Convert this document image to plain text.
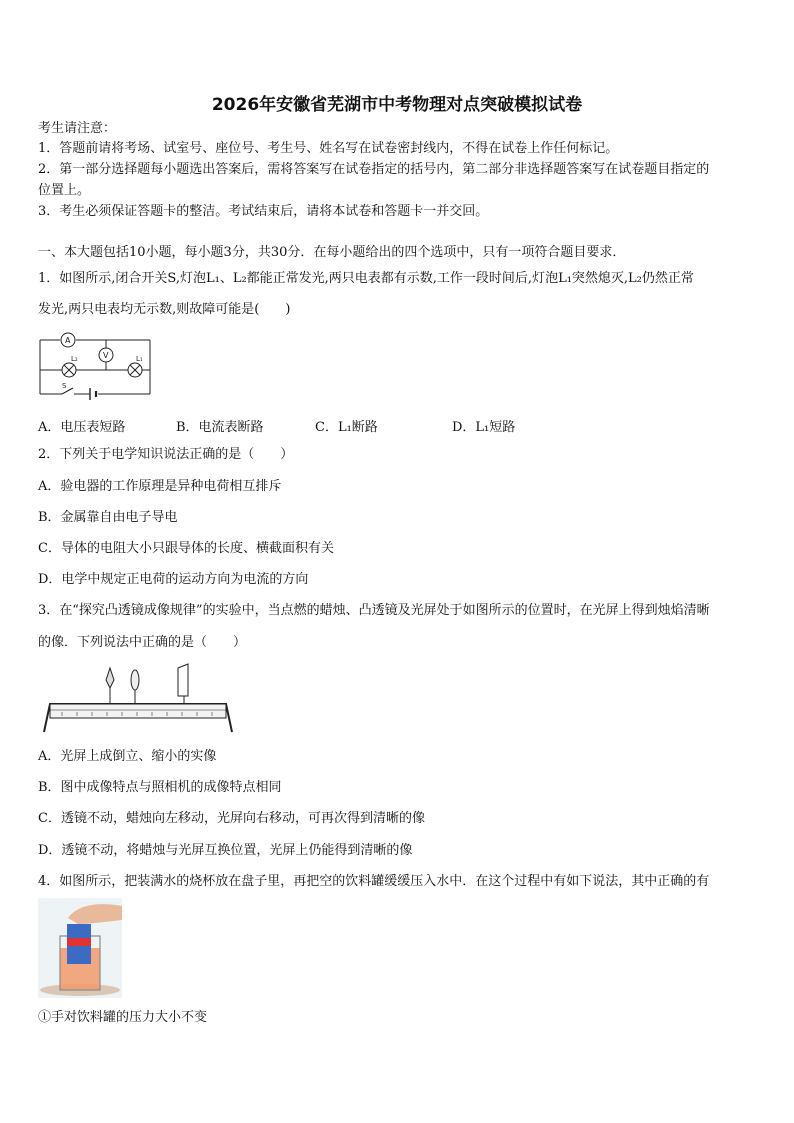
2026年安徽省芜湖市中考物理对点突破模拟试卷
考生请注意：
1．答题前请将考场、试室号、座位号、考生号、姓名写在试卷密封线内，不得在试卷上作任何标记。
2．第一部分选择题每小题选出答案后，需将答案写在试卷指定的括号内，第二部分非选择题答案写在试卷题目指定的
位置上。
3．考生必须保证答题卡的整洁。考试结束后，请将本试卷和答题卡一并交回。
一、本大题包括10小题，每小题3分，共30分．在每小题给出的四个选项中，只有一项符合题目要求．
1．如图所示,闭合开关S,灯泡L₁、L₂都能正常发光,两只电表都有示数,工作一段时间后,灯泡L₁突然熄灭,L₂仍然正常
发光,两只电表均无示数,则故障可能是(　　)
A
V
L₂	L₁
S
A．电压表短路	B．电流表断路	C．L₁断路	D．L₁短路
2．下列关于电学知识说法正确的是（　　）
A．验电器的工作原理是异种电荷相互排斥
B．金属靠自由电子导电
C．导体的电阻大小只跟导体的长度、横截面积有关
D．电学中规定正电荷的运动方向为电流的方向
3．在“探究凸透镜成像规律”的实验中，当点燃的蜡烛、凸透镜及光屏处于如图所示的位置时，在光屏上得到烛焰清晰
的像．下列说法中正确的是（　　）
A．光屏上成倒立、缩小的实像
B．图中成像特点与照相机的成像特点相同
C．透镜不动，蜡烛向左移动，光屏向右移动，可再次得到清晰的像
D．透镜不动，将蜡烛与光屏互换位置，光屏上仍能得到清晰的像
4．如图所示，把装满水的烧杯放在盘子里，再把空的饮料罐缓缓压入水中．在这个过程中有如下说法，其中正确的有
①手对饮料罐的压力大小不变
